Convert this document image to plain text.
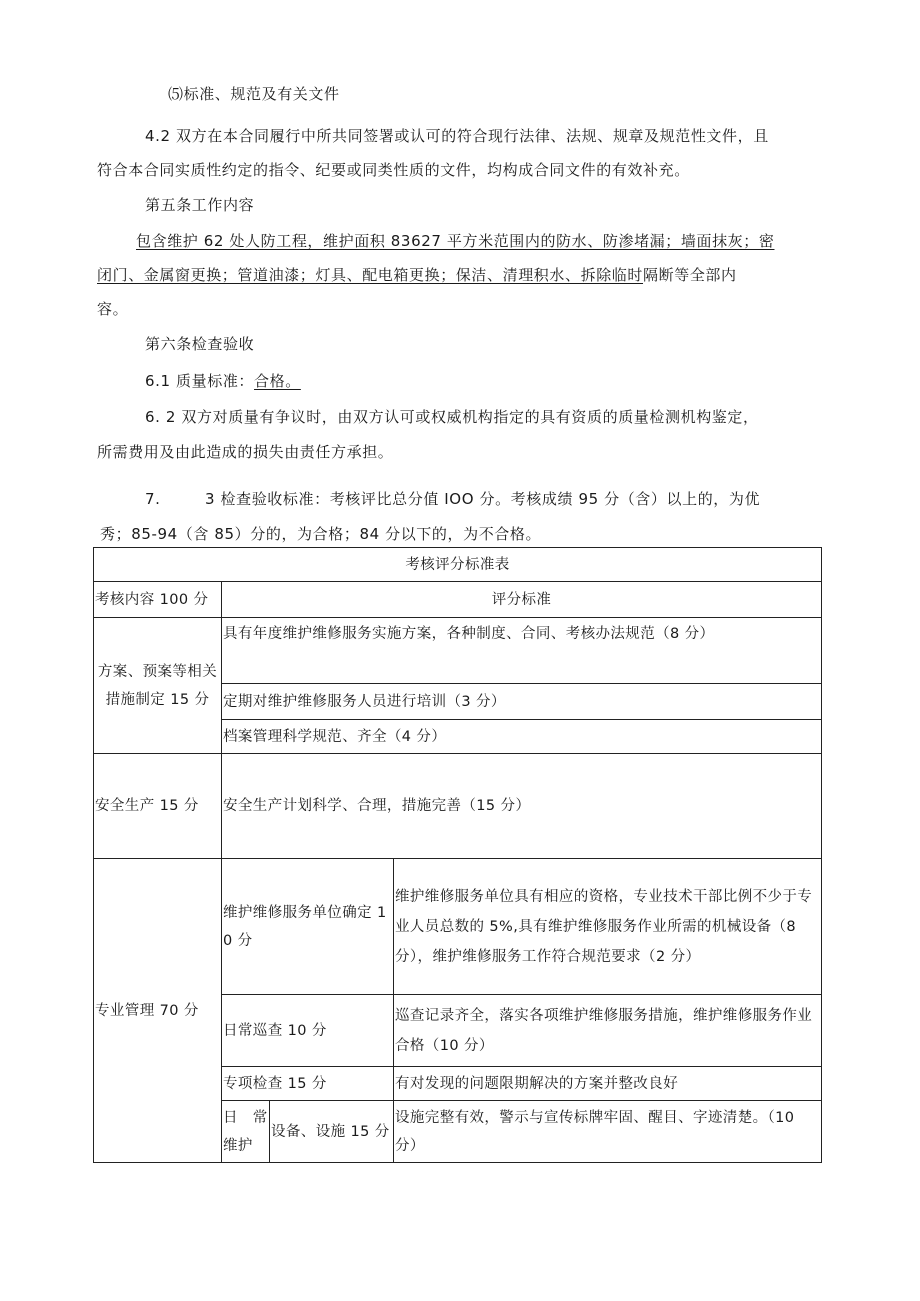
⑸标准、规范及有关文件
4.2 双方在本合同履行中所共同签署或认可的符合现行法律、法规、规章及规范性文件，且
符合本合同实质性约定的指令、纪要或同类性质的文件，均构成合同文件的有效补充。
第五条工作内容
包含维护 62 处人防工程，维护面积 83627 平方米范围内的防水、防渗堵漏；墙面抹灰；密
闭门、金属窗更换；管道油漆；灯具、配电箱更换；保洁、清理积水、拆除临时隔断等全部内
容。
第六条检查验收
6.1 质量标准：合格。
6. 2 双方对质量有争议时，由双方认可或权威机构指定的具有资质的质量检测机构鉴定，
所需费用及由此造成的损失由责任方承担。
7.	3 检查验收标准：考核评比总分值 IOO 分。考核成绩 95 分（含）以上的，为优
秀；85-94（含 85）分的，为合格；84 分以下的，为不合格。
考核评分标准表			
考核内容 100 分	评分标准		
方案、预案等相关措施制定 15 分	具有年度维护维修服务实施方案，各种制度、合同、考核办法规范（8 分）		
	定期对维护维修服务人员进行培训（3 分）		
	档案管理科学规范、齐全（4 分）		
安全生产 15 分	安全生产计划科学、合理，措施完善（15 分）		
专业管理 70 分	维护维修服务单位确定 10 分		维护维修服务单位具有相应的资格，专业技术干部比例不少于专业人员总数的 5%,具有维护维修服务作业所需的机械设备（8 分），维护维修服务工作符合规范要求（2 分）
	日常巡查 10 分		巡查记录齐全，落实各项维护维修服务措施，维护维修服务作业合格（10 分）
	专项检查 15 分		有对发现的问题限期解决的方案并整改良好
	日　常维护	设备、设施 15 分	设施完整有效，警示与宣传标牌牢固、醒目、字迹清楚。（10 分）
